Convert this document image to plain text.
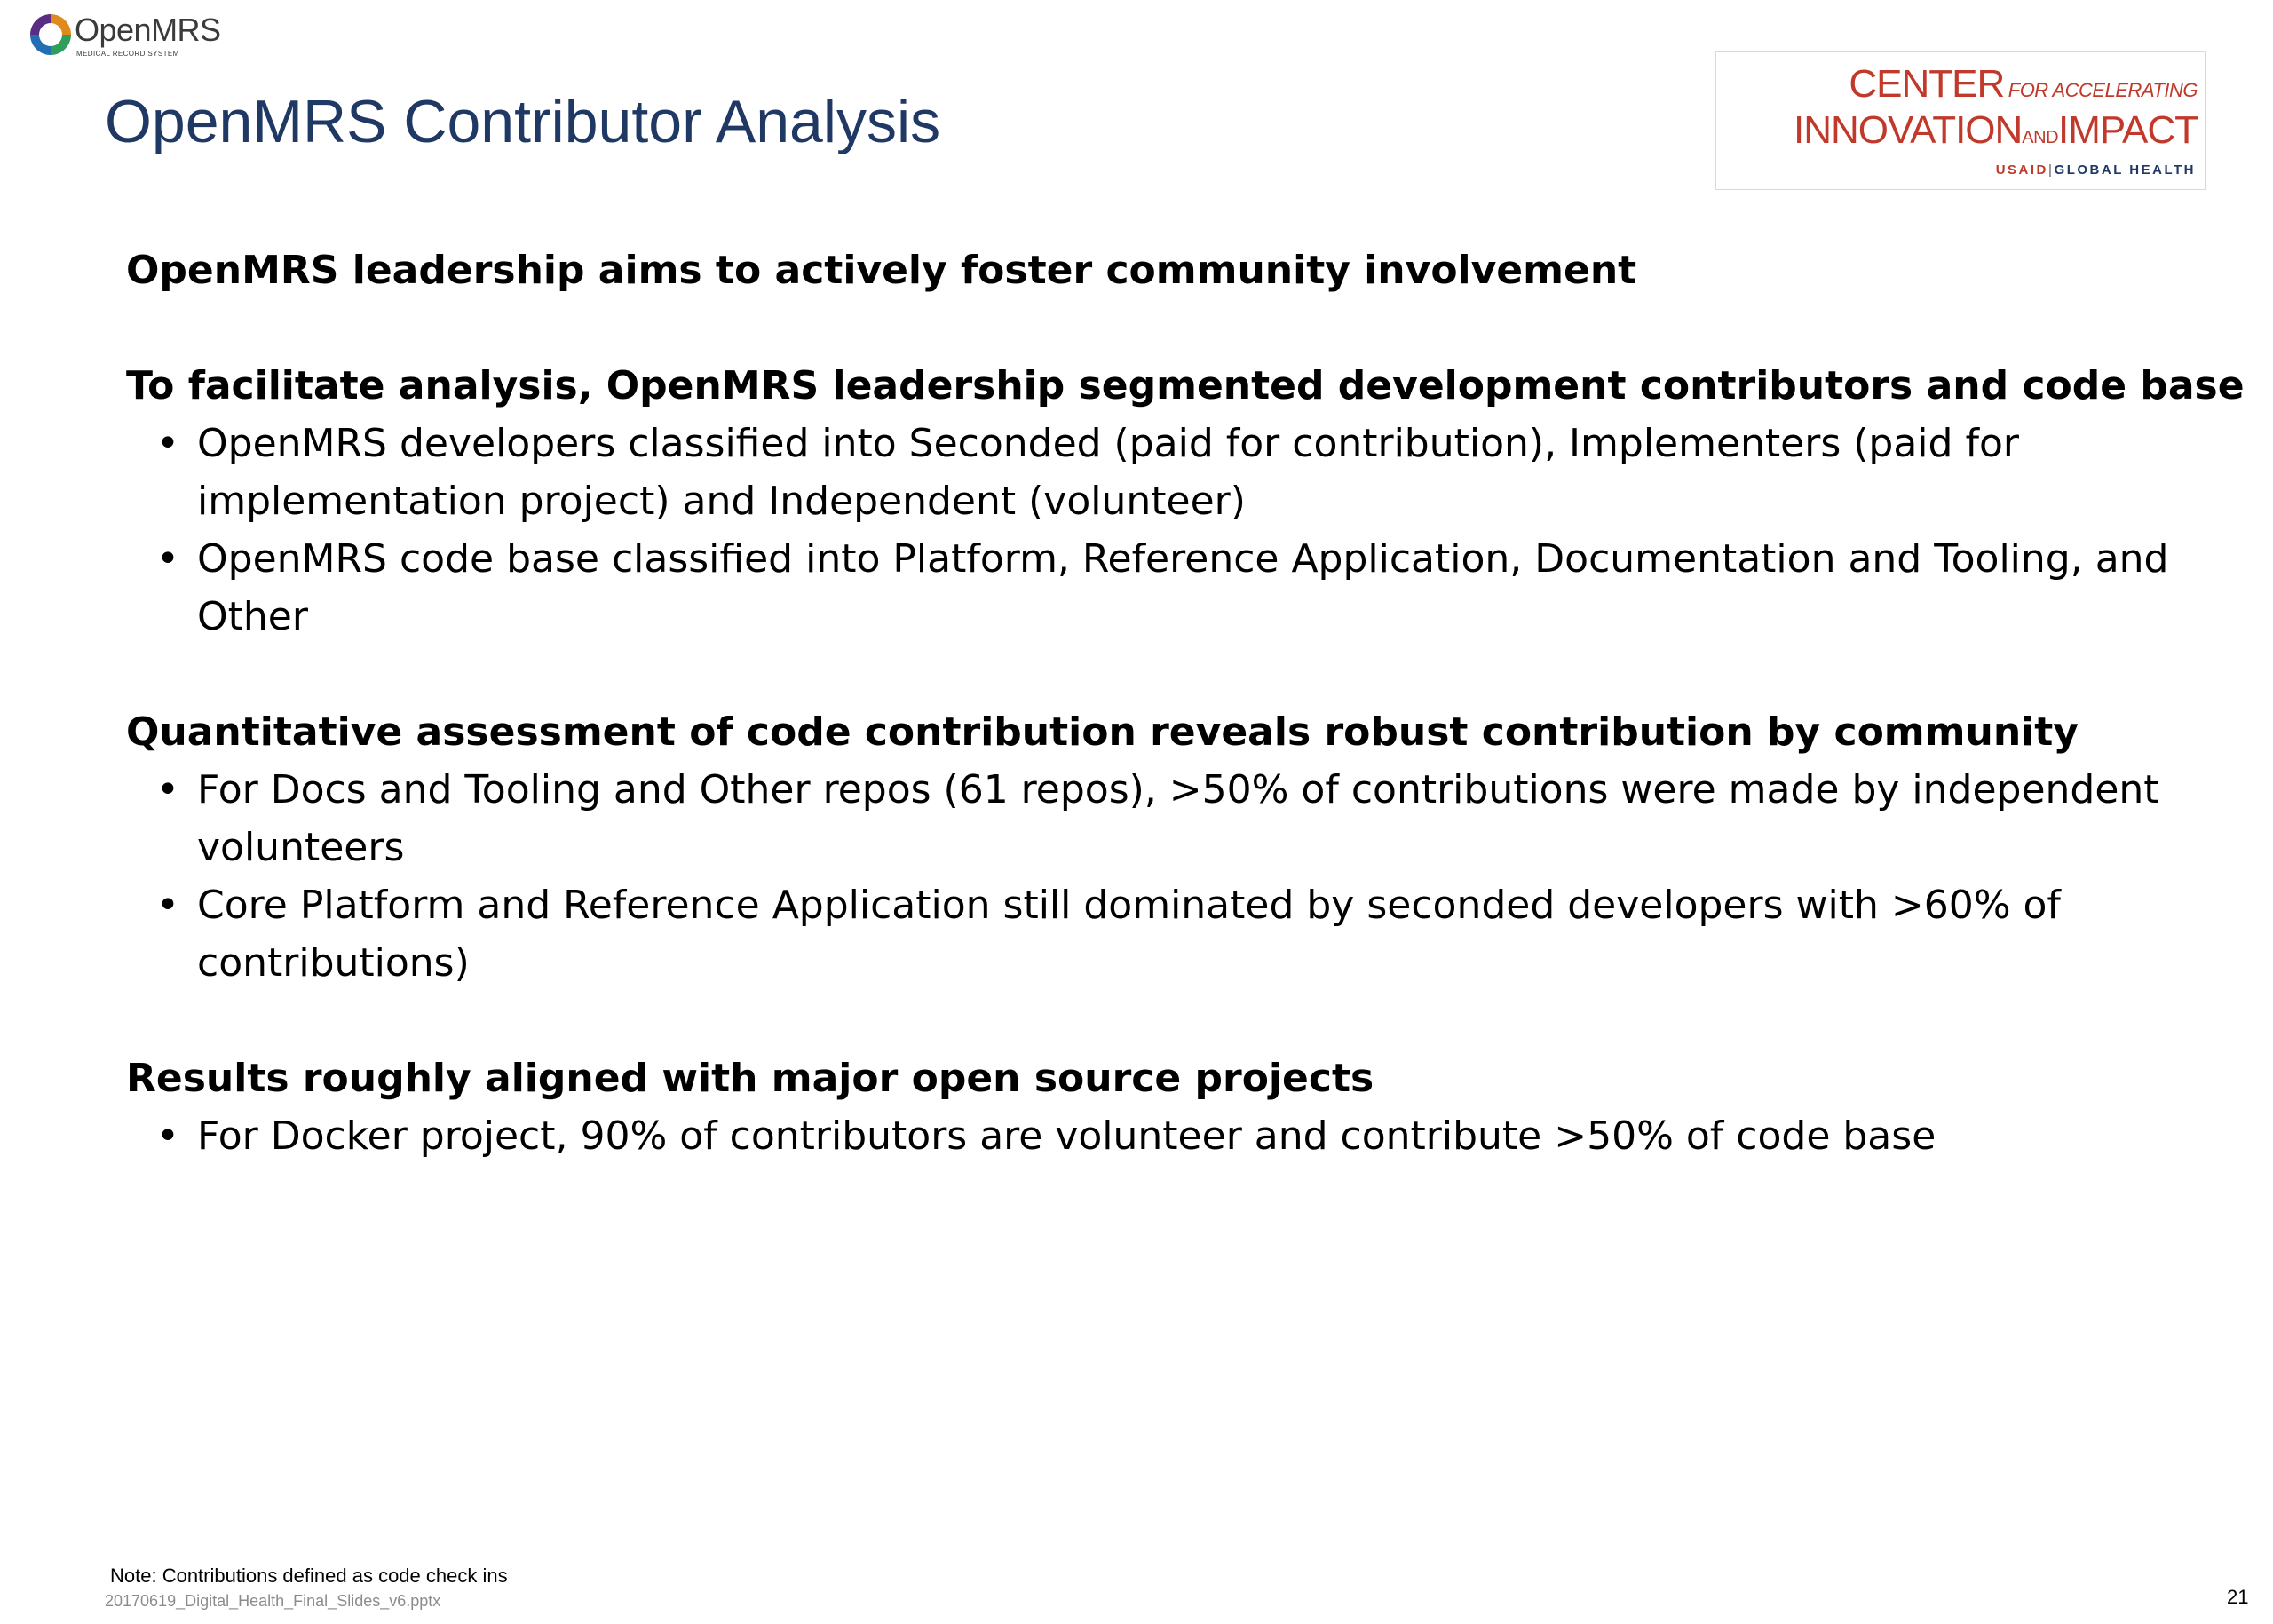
OpenMRS
MEDICAL RECORD SYSTEM
OpenMRS Contributor Analysis
CENTER FOR ACCELERATING
INNOVATIONANDIMPACT
USAID|GLOBAL HEALTH

OpenMRS leadership aims to actively foster community involvement

To facilitate analysis, OpenMRS leadership segmented development contributors and code base

• OpenMRS developers classified into Seconded (paid for contribution), Implementers (paid for
implementation project) and Independent (volunteer)
• OpenMRS code base classified into Platform, Reference Application, Documentation and Tooling, and
Other

Quantitative assessment of code contribution reveals robust contribution by community

• For Docs and Tooling and Other repos (61 repos), >50% of contributions were made by independent
volunteers
• Core Platform and Reference Application still dominated by seconded developers with >60% of
contributions)

Results roughly aligned with major open source projects

• For Docker project, 90% of contributors are volunteer and contribute >50% of code base
Note: Contributions defined as code check ins
20170619_Digital_Health_Final_Slides_v6.pptx	21
